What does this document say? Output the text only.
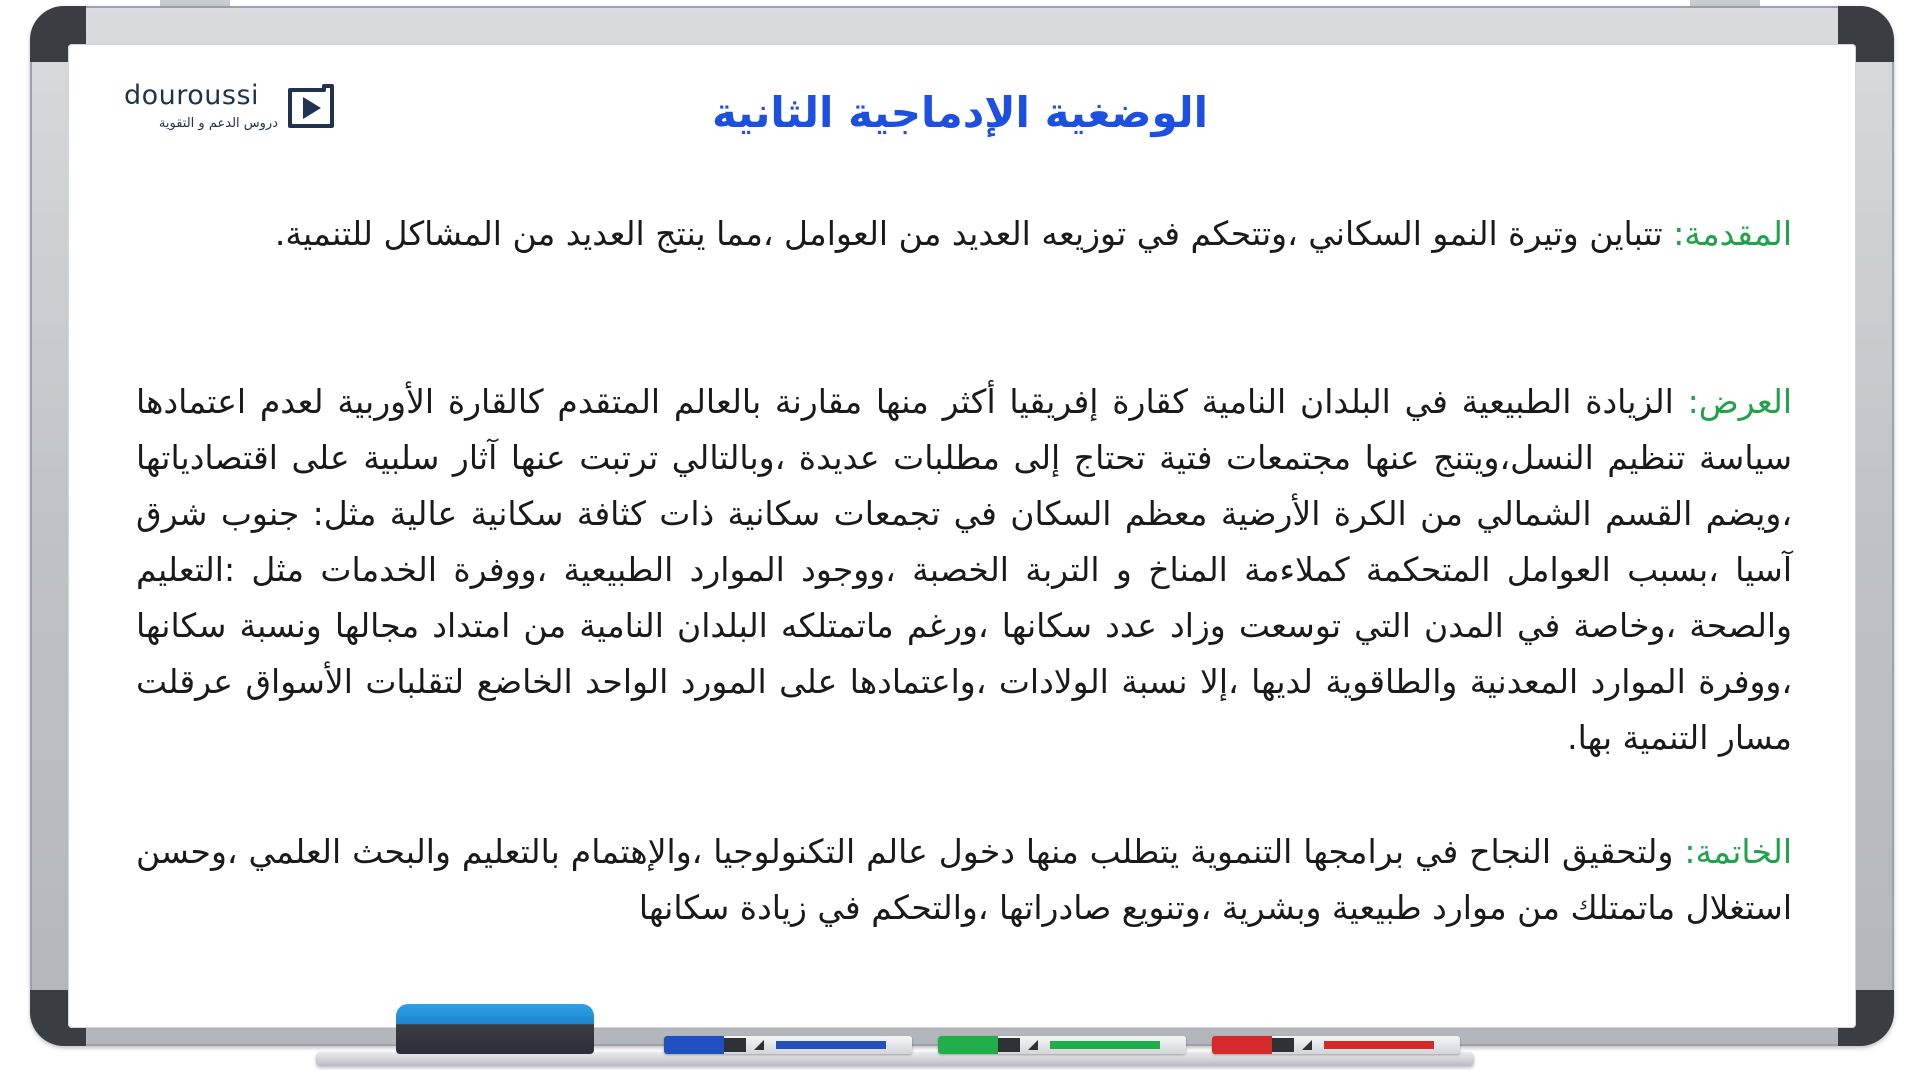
douroussi
دروس الدعم و التقوية	الوضغية الإدماجية الثانية
المقدمة: تتباين وتيرة النمو السكاني ،وتتحكم في توزيعه العديد من العوامل ،مما ينتج العديد من المشاكل للتنمية.
العرض: الزيادة الطبيعية في البلدان النامية كقارة إفريقيا أكثر منها مقارنة بالعالم المتقدم كالقارة الأوربية لعدم اعتمادها سياسة تنظيم النسل،ويتنج عنها مجتمعات فتية تحتاج إلى مطلبات عديدة ،وبالتالي ترتبت عنها آثار سلبية على اقتصادياتها ،ويضم القسم الشمالي من الكرة الأرضية معظم السكان في تجمعات سكانية ذات كثافة سكانية عالية مثل: جنوب شرق آسيا ،بسبب العوامل المتحكمة كملاءمة المناخ و التربة الخصبة ،ووجود الموارد الطبيعية ،ووفرة الخدمات مثل :التعليم والصحة ،وخاصة في المدن التي توسعت وزاد عدد سكانها ،ورغم ماتمتلكه البلدان النامية من امتداد مجالها ونسبة سكانها ،ووفرة الموارد المعدنية والطاقوية لديها ،إلا نسبة الولادات ،واعتمادها على المورد الواحد الخاضع لتقلبات الأسواق عرقلت مسار التنمية بها.
الخاتمة: ولتحقيق النجاح في برامجها التنموية يتطلب منها دخول عالم التكنولوجيا ،والإهتمام بالتعليم والبحث العلمي ،وحسن استغلال ماتمتلك من موارد طبيعية وبشرية ،وتنويع صادراتها ،والتحكم في زيادة سكانها
